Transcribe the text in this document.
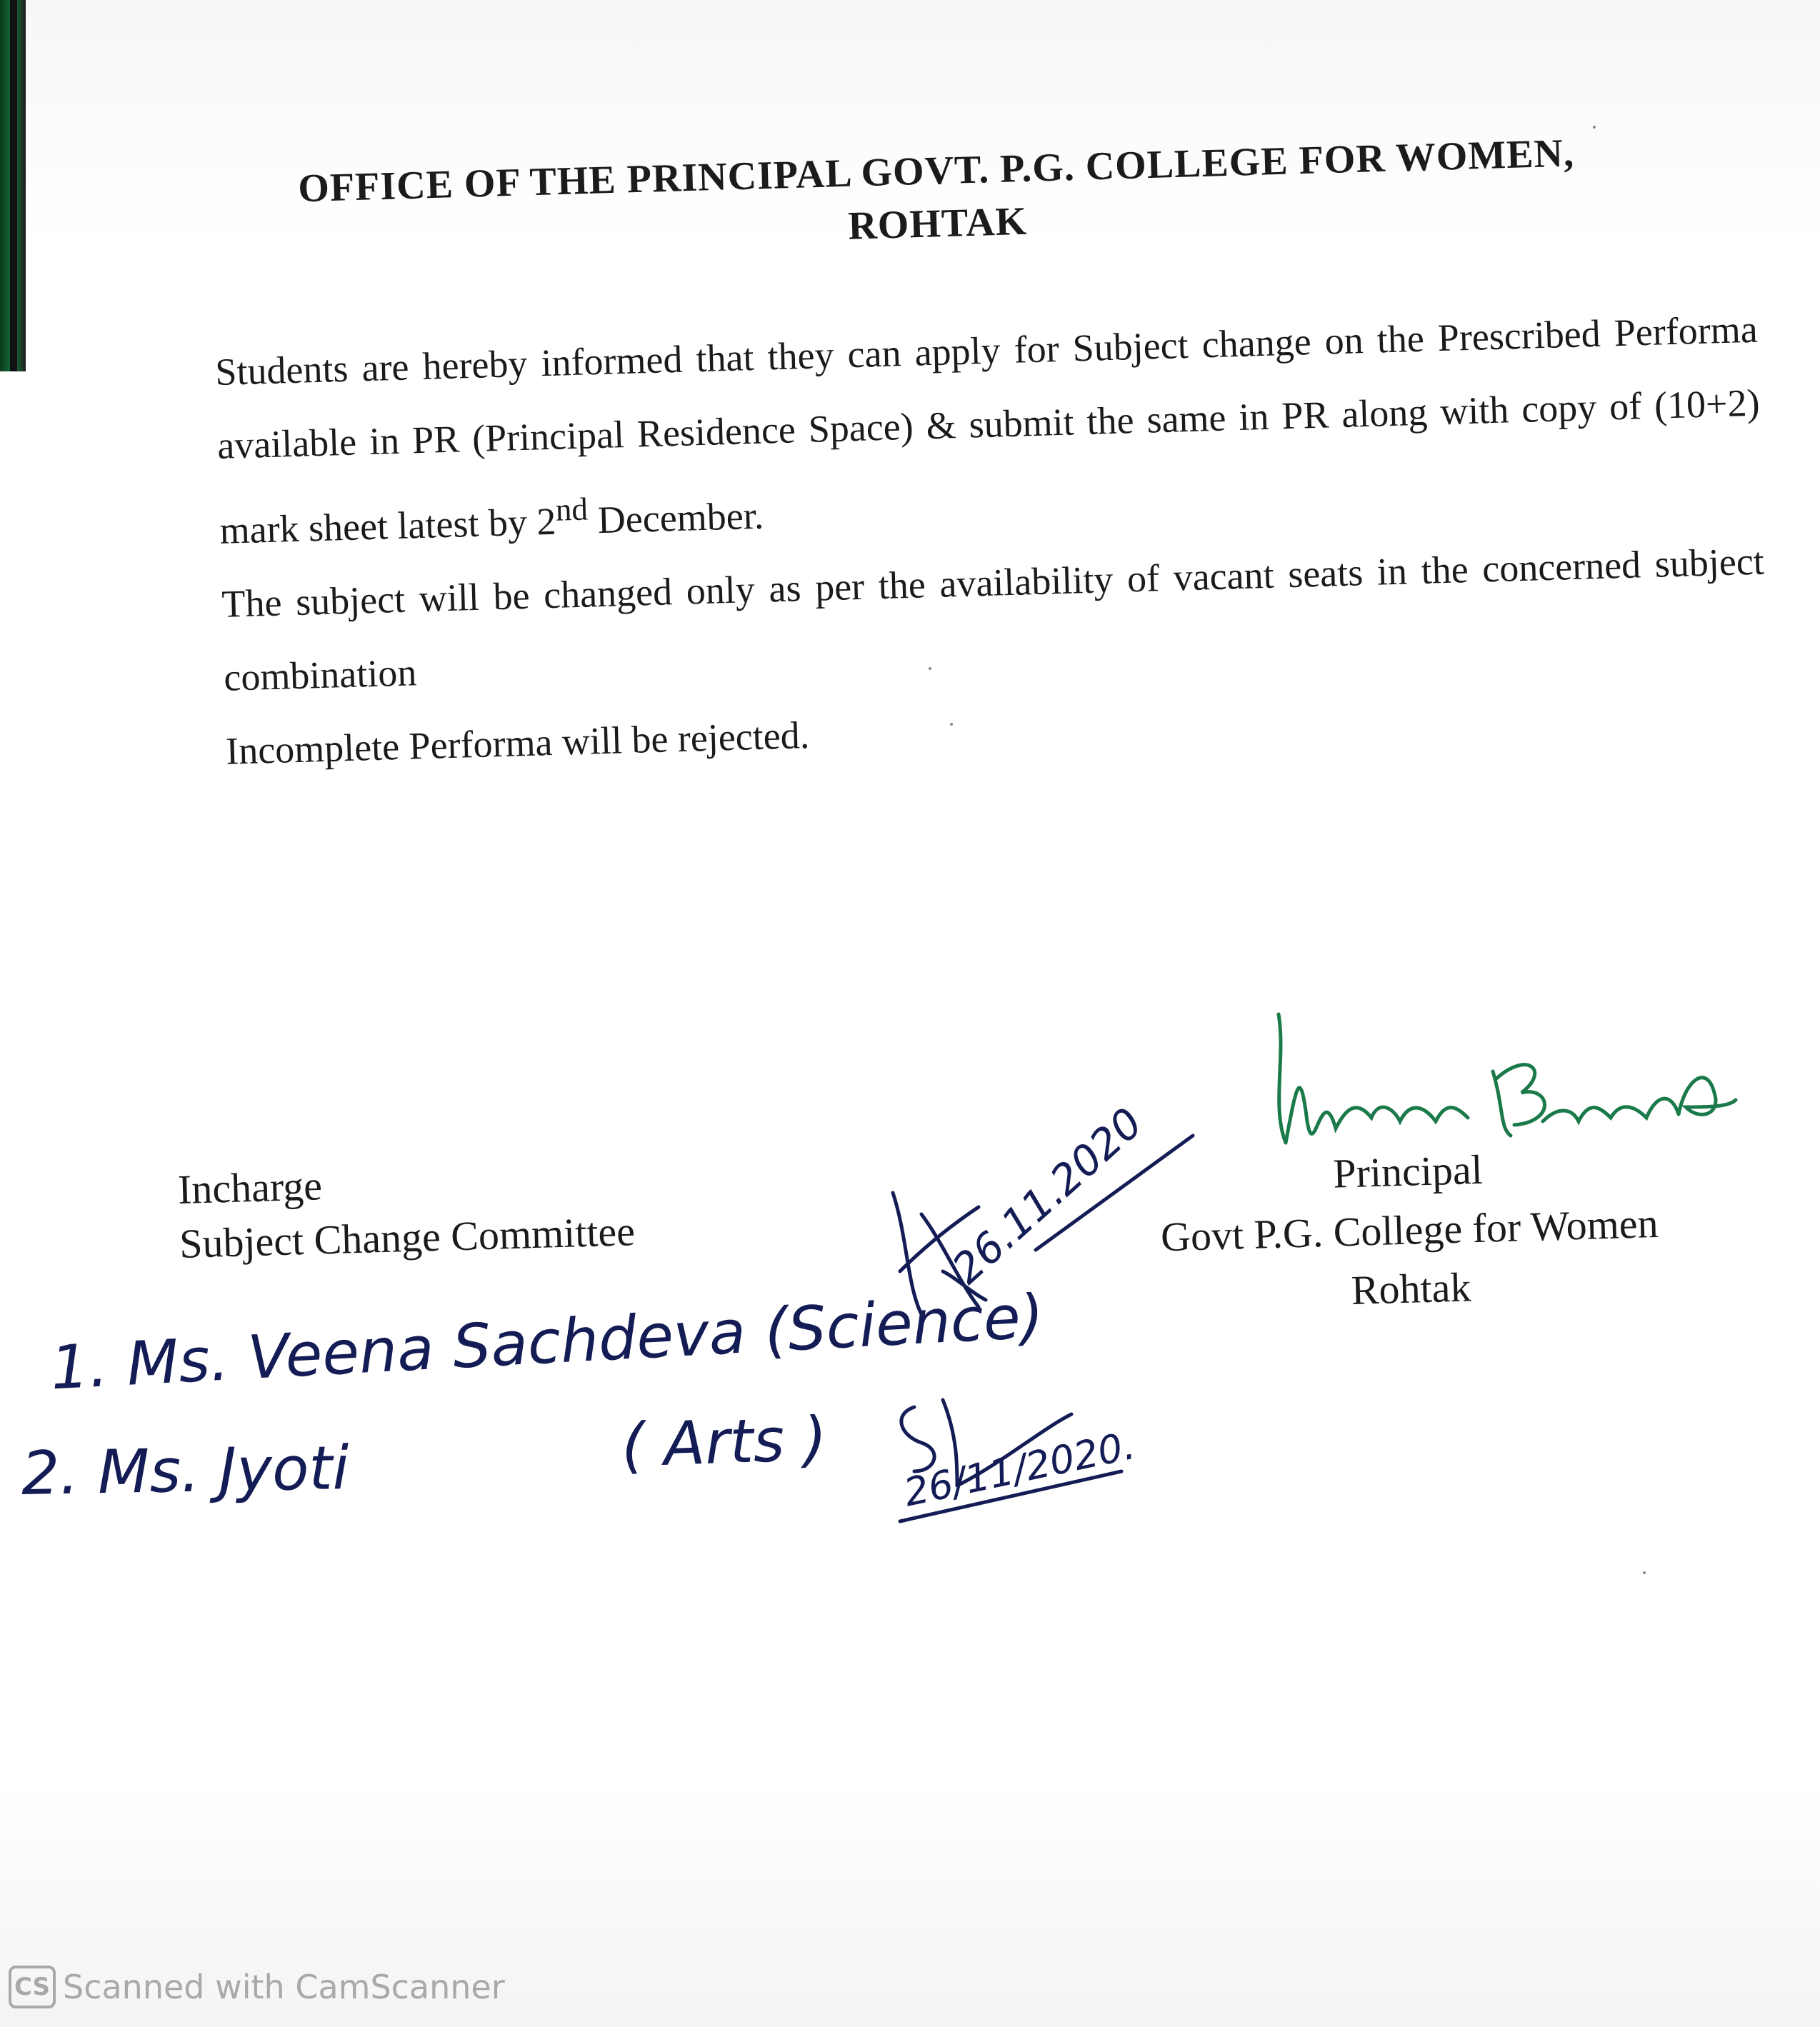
OFFICE OF THE PRINCIPAL GOVT. P.G. COLLEGE FOR WOMEN,
ROHTAK

Students are hereby informed that they can apply for Subject change on the Prescribed Performa available in PR (Principal Residence Space) & submit the same in PR along with copy of (10+2) mark sheet latest by 2nd December.

The subject will be changed only as per the availability of vacant seats in the concerned subject combination

Incomplete Performa will be rejected.

Incharge
Subject Change Committee
Principal
Govt P.G. College for Women
Rohtak
1. Ms. Veena Sachdeva (Science)
2. Ms. Jyoti	( Arts )
26.11.2020
26/11/2020.
CS Scanned with CamScanner
